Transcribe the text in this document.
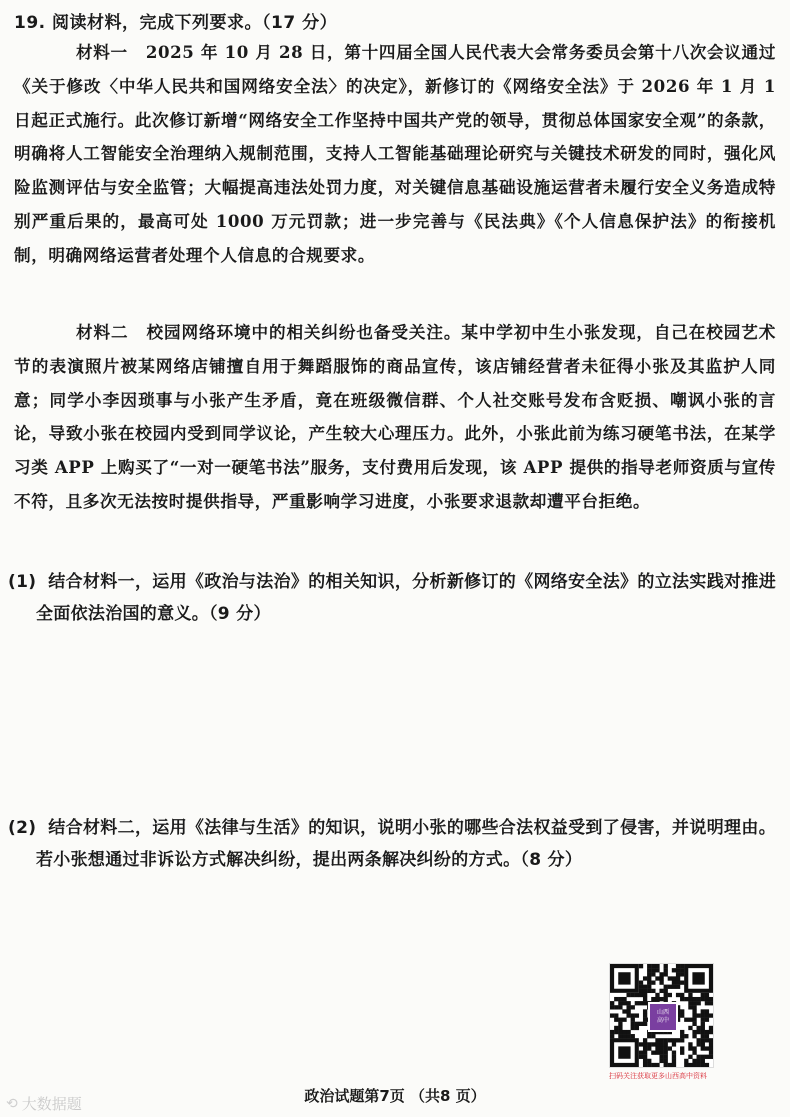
19. 阅读材料，完成下列要求。（17 分）
材料一 2025 年 10 月 28 日，第十四届全国人民代表大会常务委员会第十八次会议通过《关于修改〈中华人民共和国网络安全法〉的决定》，新修订的《网络安全法》于 2026 年 1 月 1 日起正式施行。此次修订新增“网络安全工作坚持中国共产党的领导，贯彻总体国家安全观”的条款，明确将人工智能安全治理纳入规制范围，支持人工智能基础理论研究与关键技术研发的同时，强化风险监测评估与安全监管；大幅提高违法处罚力度，对关键信息基础设施运营者未履行安全义务造成特别严重后果的，最高可处 1000 万元罚款；进一步完善与《民法典》《个人信息保护法》的衔接机制，明确网络运营者处理个人信息的合规要求。
材料二 校园网络环境中的相关纠纷也备受关注。某中学初中生小张发现，自己在校园艺术节的表演照片被某网络店铺擅自用于舞蹈服饰的商品宣传，该店铺经营者未征得小张及其监护人同意；同学小李因琐事与小张产生矛盾，竟在班级微信群、个人社交账号发布含贬损、嘲讽小张的言论，导致小张在校园内受到同学议论，产生较大心理压力。此外，小张此前为练习硬笔书法，在某学习类 APP 上购买了“一对一硬笔书法”服务，支付费用后发现，该 APP 提供的指导老师资质与宣传不符，且多次无法按时提供指导，严重影响学习进度，小张要求退款却遭平台拒绝。
(1) 结合材料一，运用《政治与法治》的相关知识，分析新修订的《网络安全法》的立法实践对推进全面依法治国的意义。（9 分）
(2) 结合材料二，运用《法律与生活》的知识，说明小张的哪些合法权益受到了侵害，并说明理由。若小张想通过非诉讼方式解决纠纷，提出两条解决纠纷的方式。（8 分）
山西
高中
扫码关注获取更多山西高中资料
政治试题第7页 （共8 页）
⟲ 大数据题
